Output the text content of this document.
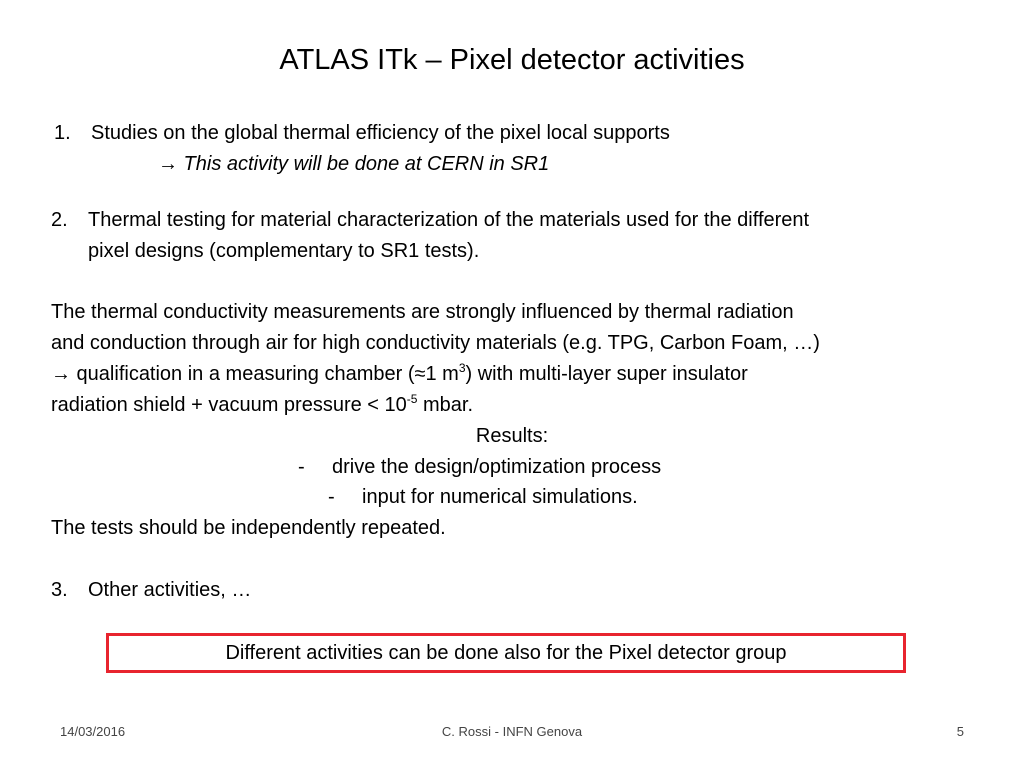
ATLAS ITk – Pixel detector activities
1. Studies on the global thermal efficiency of the pixel local supports
→ This activity will be done at CERN in SR1
2. Thermal testing for material characterization of the materials used for the different
pixel designs (complementary to SR1 tests).
The thermal conductivity measurements are strongly influenced by thermal radiation
and conduction through air for high conductivity materials (e.g. TPG, Carbon Foam, …)
→ qualification in a measuring chamber (≈1 $m^3$) with multi-layer super insulator
radiation shield + vacuum pressure < $10^{-5}$ mbar.
Results:
- drive the design/optimization process
- input for numerical simulations.
The tests should be independently repeated.
3. Other activities, …
Different activities can be done also for the Pixel detector group
14/03/2016	C. Rossi - INFN Genova	5
